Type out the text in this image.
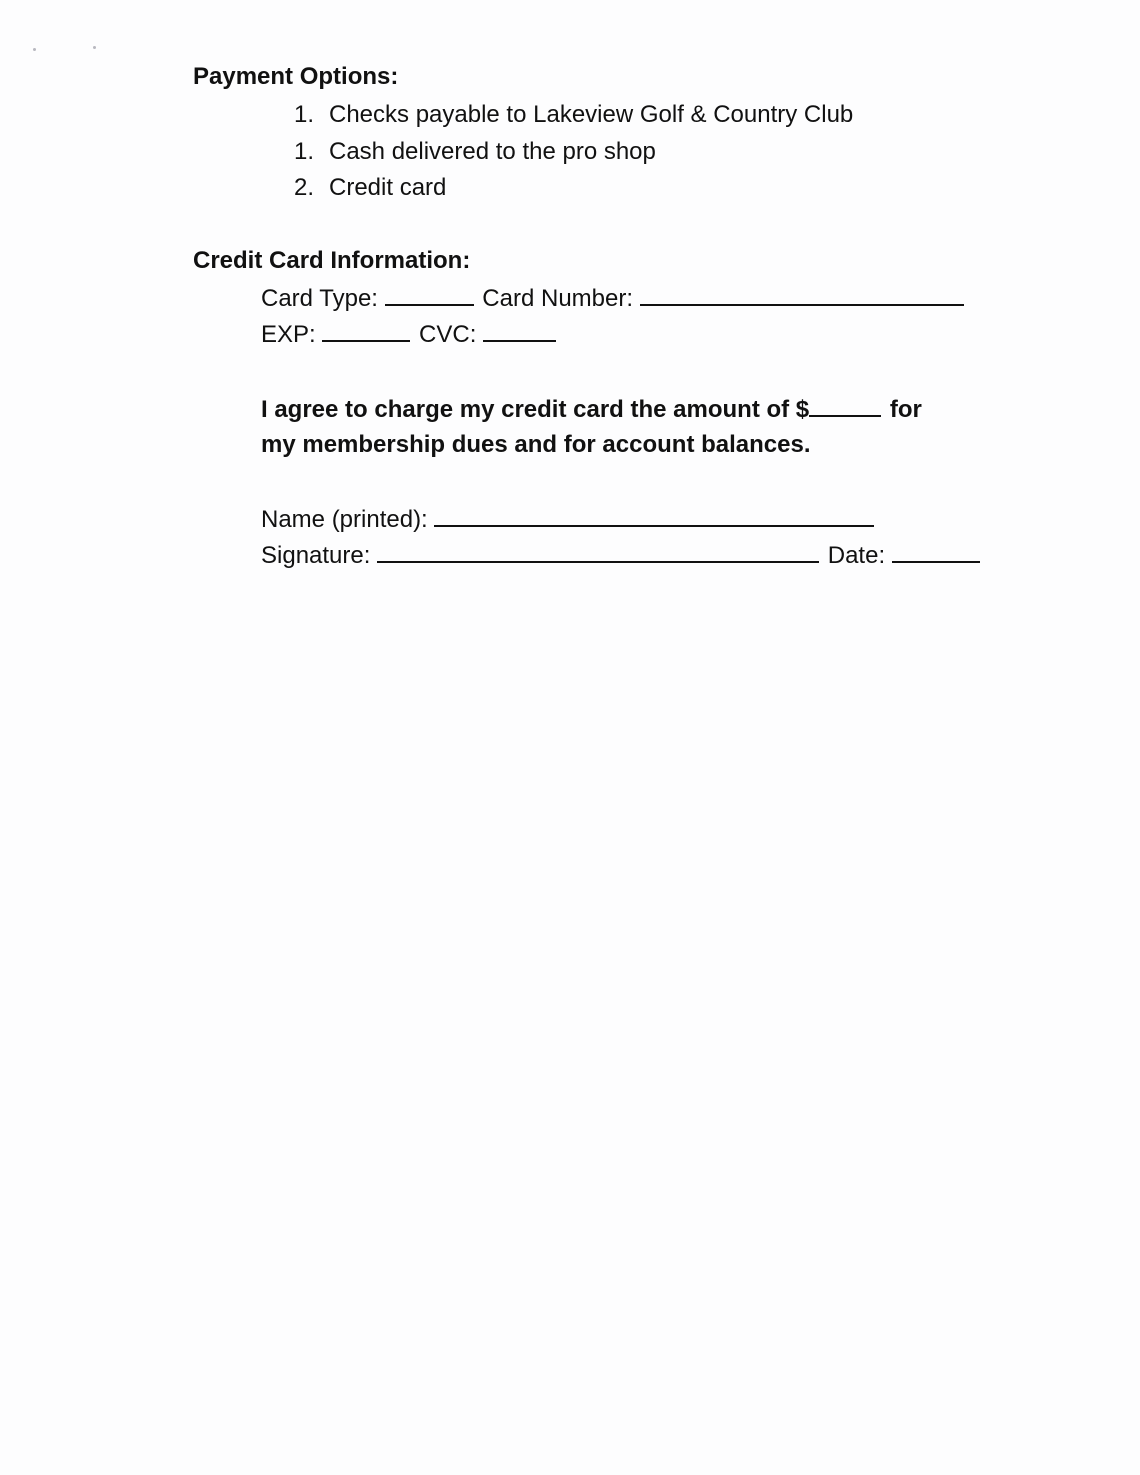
Payment Options:
1. Checks payable to Lakeview Golf & Country Club
1. Cash delivered to the pro shop
2. Credit card
Credit Card Information:
Card Type:	Card Number:
EXP:	CVC:
I agree to charge my credit card the amount of $	for
my membership dues and for account balances.
Name (printed):
Signature:	Date:
